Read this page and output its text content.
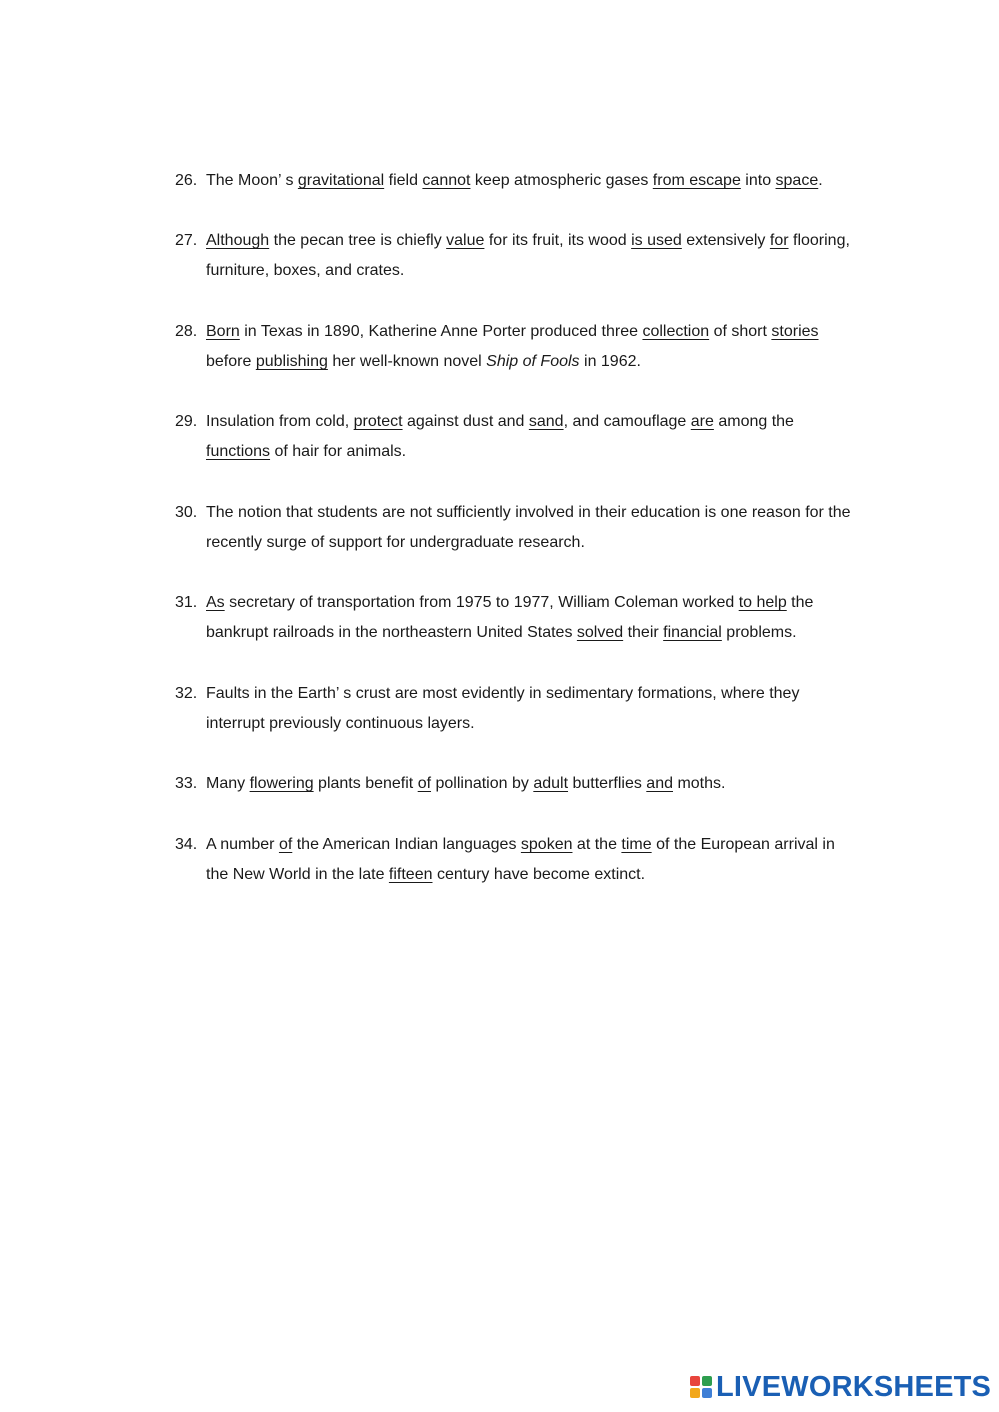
26. The Moon’ s gravitational field cannot keep atmospheric gases from escape into space.
27. Although the pecan tree is chiefly value for its fruit, its wood is used extensively for flooring, furniture, boxes, and crates.
28. Born in Texas in 1890, Katherine Anne Porter produced three collection of short stories before publishing her well-known novel Ship of Fools in 1962.
29. Insulation from cold, protect against dust and sand, and camouflage are among the functions of hair for animals.
30. The notion that students are not sufficiently involved in their education is one reason for the recently surge of support for undergraduate research.
31. As secretary of transportation from 1975 to 1977, William Coleman worked to help the bankrupt railroads in the northeastern United States solved their financial problems.
32. Faults in the Earth’ s crust are most evidently in sedimentary formations, where they interrupt previously continuous layers.
33. Many flowering plants benefit of pollination by adult butterflies and moths.
34. A number of the American Indian languages spoken at the time of the European arrival in the New World in the late fifteen century have become extinct.
LIVEWORKSHEETS
